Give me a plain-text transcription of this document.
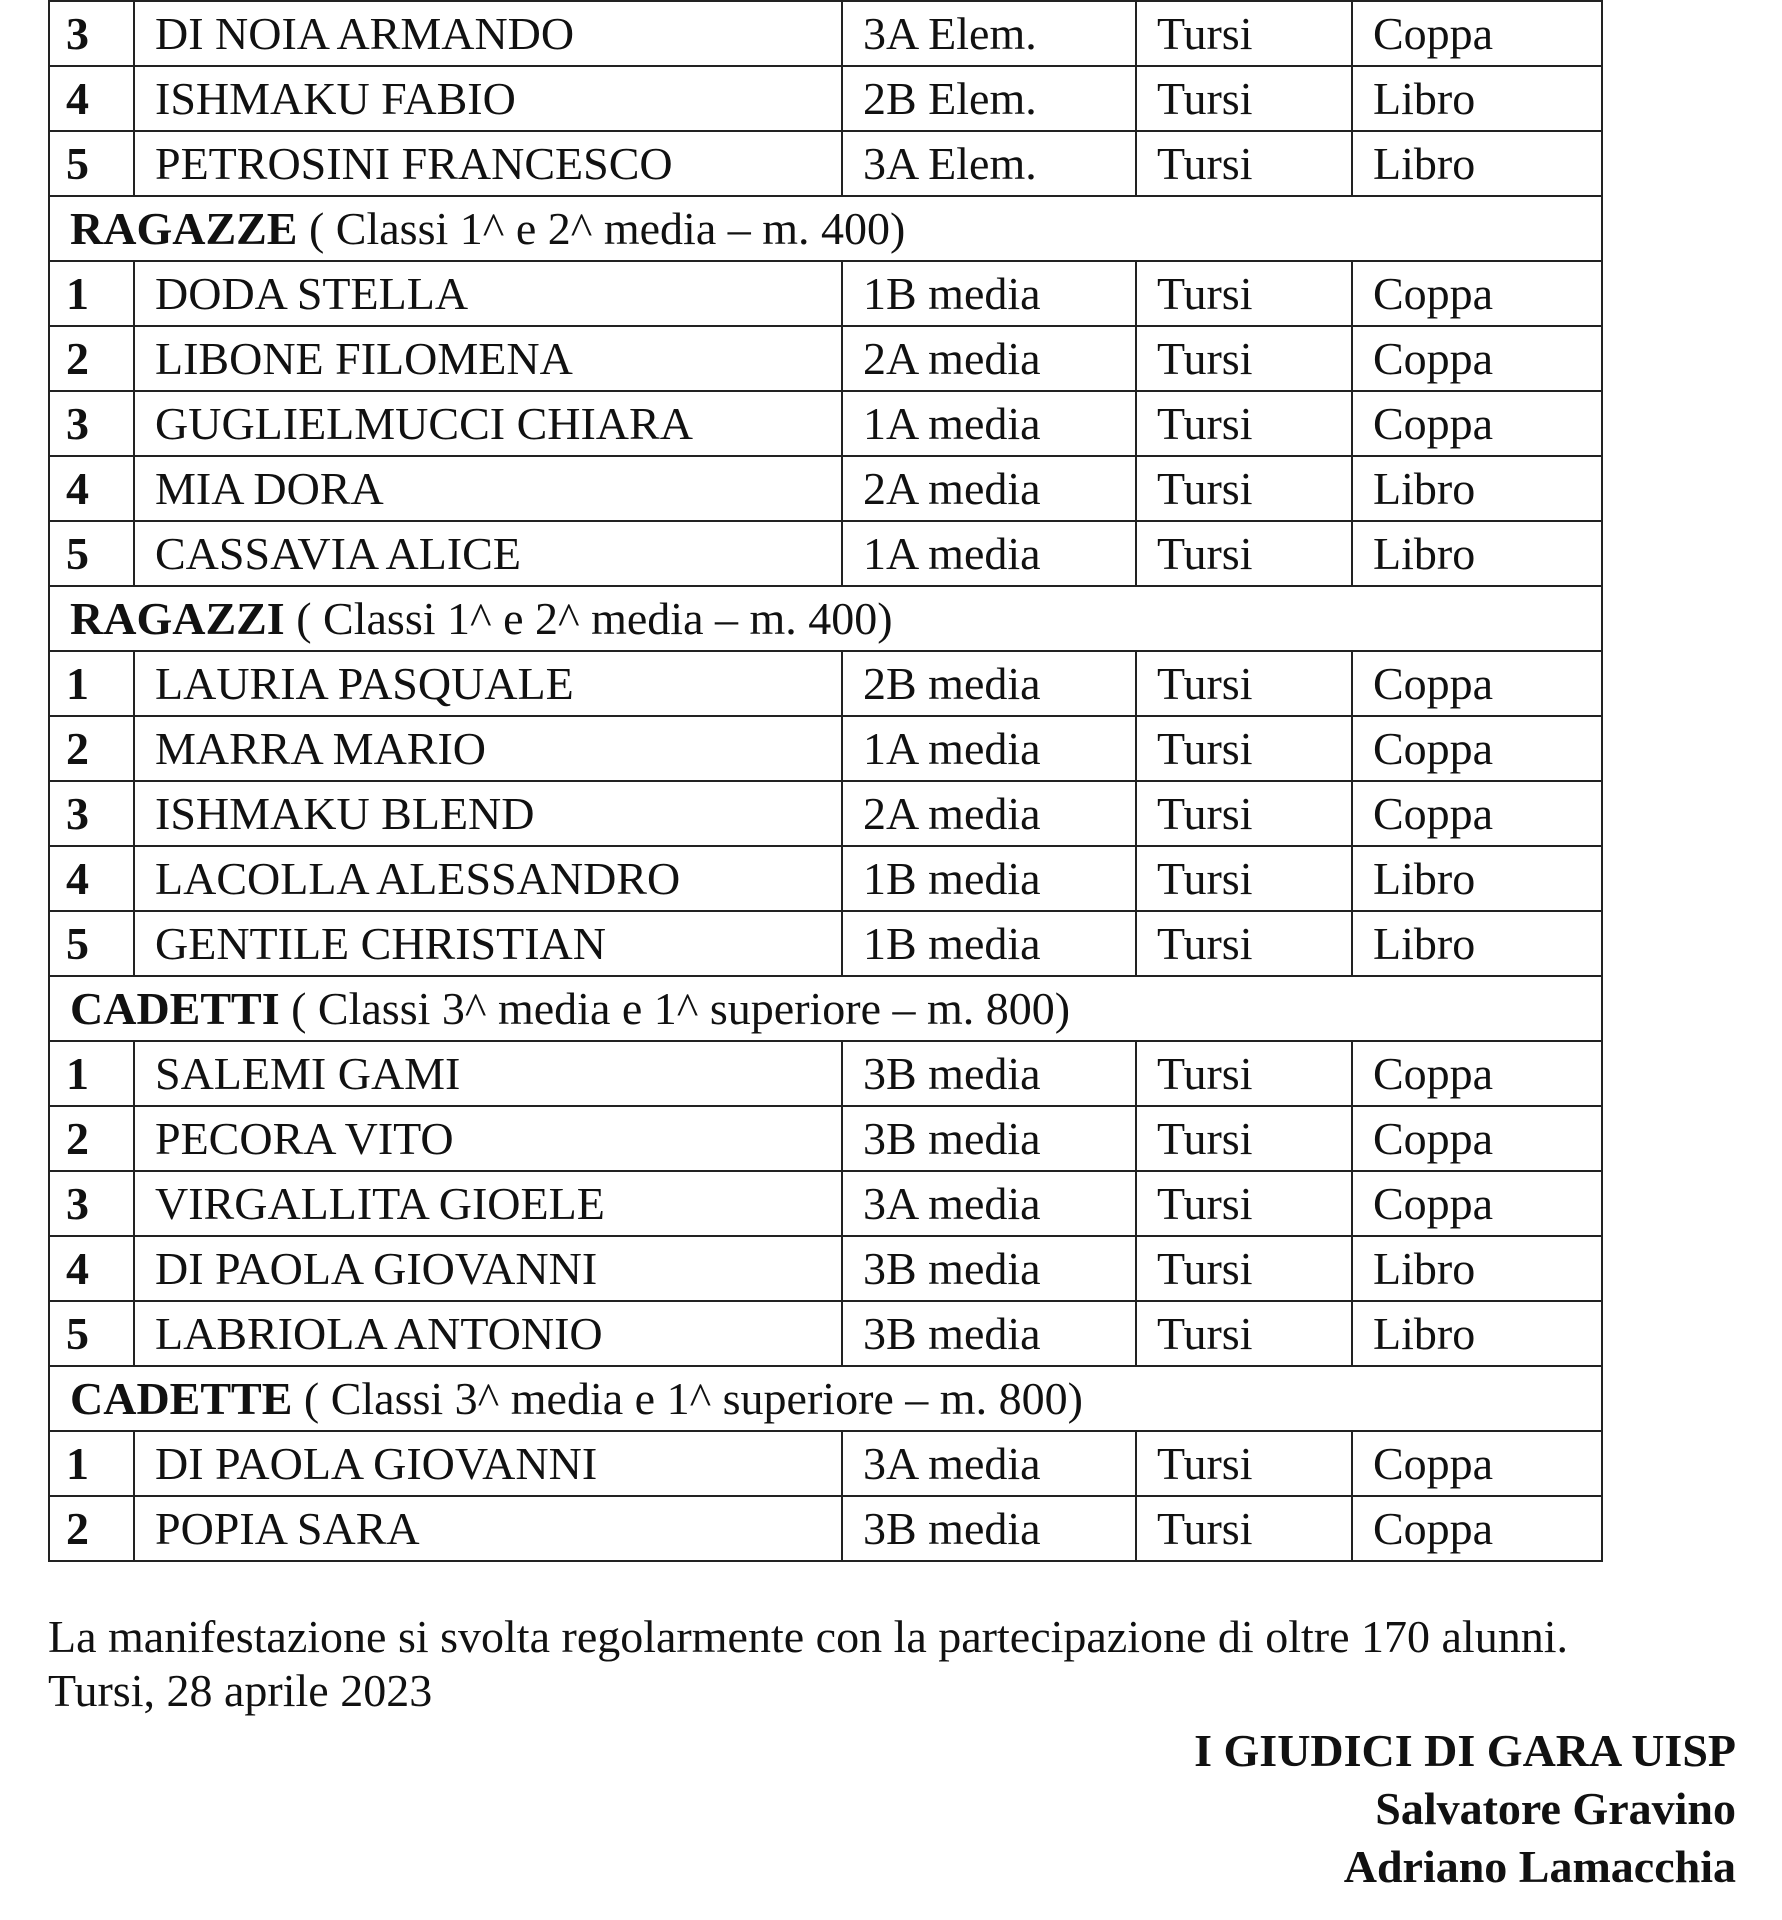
3	DI NOIA ARMANDO	3A Elem.	Tursi	Coppa
4	ISHMAKU FABIO	2B Elem.	Tursi	Libro
5	PETROSINI FRANCESCO	3A Elem.	Tursi	Libro
RAGAZZE ( Classi 1^ e 2^ media – m. 400)				
1	DODA STELLA	1B media	Tursi	Coppa
2	LIBONE FILOMENA	2A media	Tursi	Coppa
3	GUGLIELMUCCI CHIARA	1A media	Tursi	Coppa
4	MIA DORA	2A media	Tursi	Libro
5	CASSAVIA ALICE	1A media	Tursi	Libro
RAGAZZI ( Classi 1^ e 2^ media – m. 400)				
1	LAURIA PASQUALE	2B media	Tursi	Coppa
2	MARRA MARIO	1A media	Tursi	Coppa
3	ISHMAKU BLEND	2A media	Tursi	Coppa
4	LACOLLA ALESSANDRO	1B media	Tursi	Libro
5	GENTILE CHRISTIAN	1B media	Tursi	Libro
CADETTI ( Classi 3^ media e 1^ superiore – m. 800)				
1	SALEMI GAMI	3B media	Tursi	Coppa
2	PECORA VITO	3B media	Tursi	Coppa
3	VIRGALLITA GIOELE	3A media	Tursi	Coppa
4	DI PAOLA GIOVANNI	3B media	Tursi	Libro
5	LABRIOLA ANTONIO	3B media	Tursi	Libro
CADETTE ( Classi 3^ media e 1^ superiore – m. 800)				
1	DI PAOLA GIOVANNI	3A media	Tursi	Coppa
2	POPIA SARA	3B media	Tursi	Coppa
La manifestazione si svolta regolarmente con la partecipazione di oltre 170 alunni.
Tursi, 28 aprile 2023
I GIUDICI DI GARA UISP
Salvatore Gravino
Adriano Lamacchia
